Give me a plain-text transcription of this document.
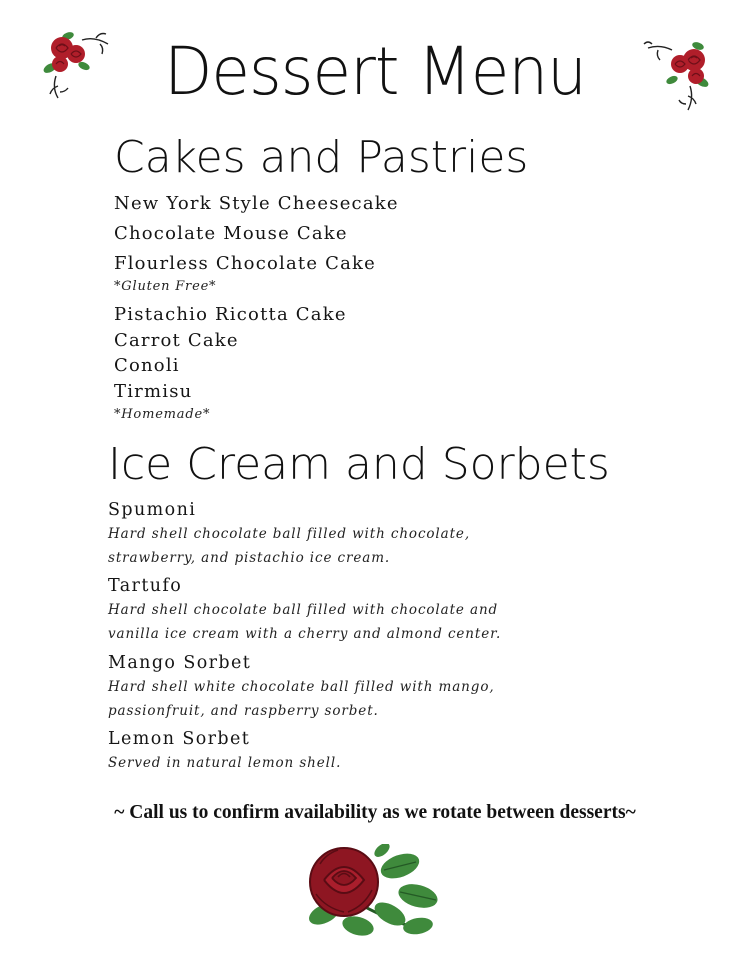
Dessert Menu
Cakes and Pastries
New York Style Cheesecake
Chocolate Mouse Cake
Flourless Chocolate Cake
*Gluten Free*
Pistachio Ricotta Cake
Carrot Cake
Conoli
Tirmisu
*Homemade*
Ice Cream and Sorbets
Spumoni
Hard shell chocolate ball filled with chocolate,
strawberry, and pistachio ice cream.
Tartufo
Hard shell chocolate ball filled with chocolate and
vanilla ice cream with a cherry and almond center.
Mango Sorbet
Hard shell white chocolate ball filled with mango,
passionfruit, and raspberry sorbet.
Lemon Sorbet
Served in natural lemon shell.
~ Call us to confirm availability as we rotate between desserts~
